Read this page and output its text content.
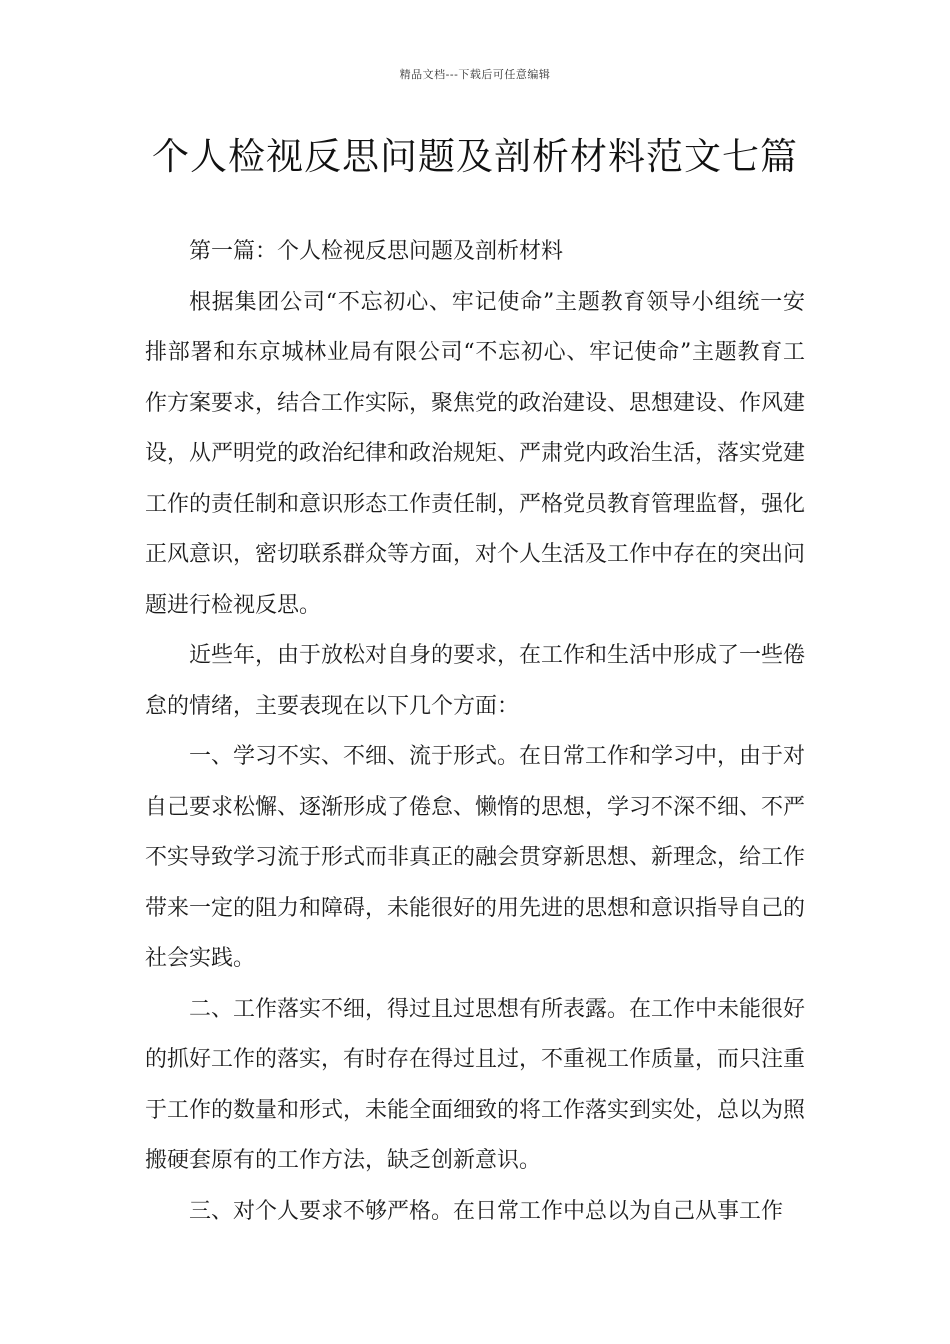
精品文档---下载后可任意编辑
个人检视反思问题及剖析材料范文七篇

第一篇：个人检视反思问题及剖析材料

根据集团公司“不忘初心、牢记使命”主题教育领导小组统一安排部署和东京城林业局有限公司“不忘初心、牢记使命”主题教育工作方案要求，结合工作实际，聚焦党的政治建设、思想建设、作风建设，从严明党的政治纪律和政治规矩、严肃党内政治生活，落实党建工作的责任制和意识形态工作责任制，严格党员教育管理监督，强化正风意识，密切联系群众等方面，对个人生活及工作中存在的突出问题进行检视反思。

近些年，由于放松对自身的要求，在工作和生活中形成了一些倦怠的情绪，主要表现在以下几个方面：

一、学习不实、不细、流于形式。在日常工作和学习中，由于对自己要求松懈、逐渐形成了倦怠、懒惰的思想，学习不深不细、不严不实导致学习流于形式而非真正的融会贯穿新思想、新理念，给工作带来一定的阻力和障碍，未能很好的用先进的思想和意识指导自己的社会实践。

二、工作落实不细，得过且过思想有所表露。在工作中未能很好的抓好工作的落实，有时存在得过且过，不重视工作质量，而只注重于工作的数量和形式，未能全面细致的将工作落实到实处，总以为照搬硬套原有的工作方法，缺乏创新意识。

三、对个人要求不够严格。在日常工作中总以为自己从事工作
